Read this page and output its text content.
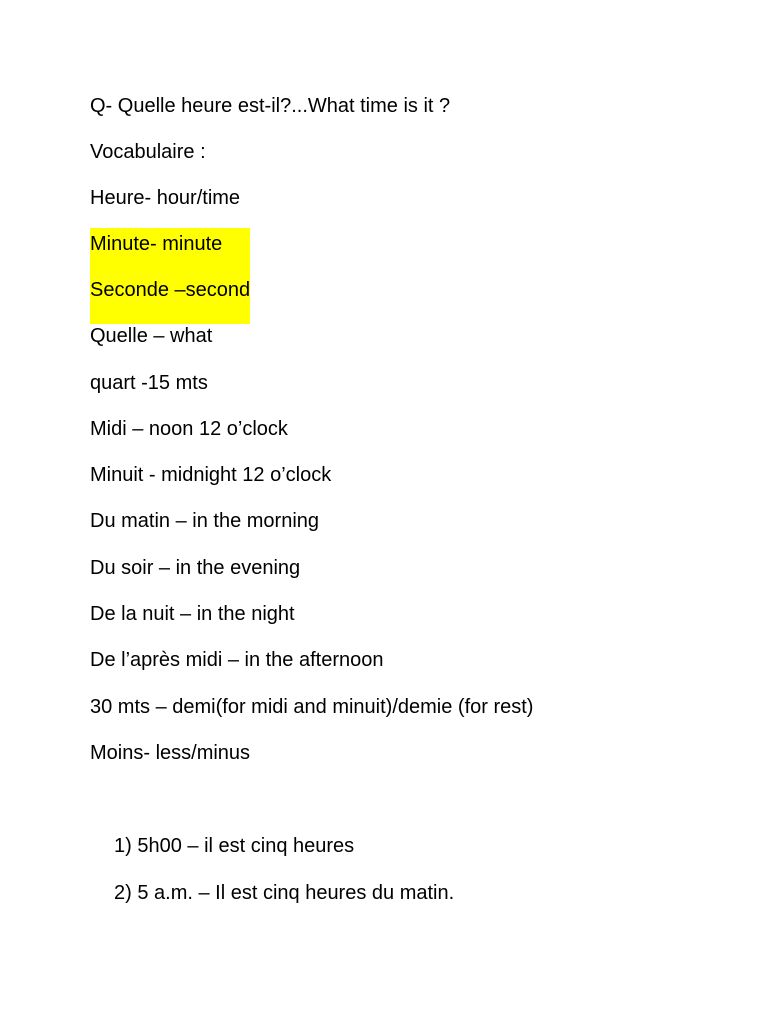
Q- Quelle heure est-il?...What time is it ?

Vocabulaire :

Heure- hour/time

Minute- minute

Seconde –second

Quelle – what

quart -15 mts

Midi – noon 12 o’clock

Minuit - midnight 12 o’clock

Du matin – in the morning

Du soir – in the evening

De la nuit – in the night

De l’après midi – in the afternoon

30 mts – demi(for midi and minuit)/demie (for rest)

Moins- less/minus

1) 5h00 – il est cinq heures

2) 5 a.m. – Il est cinq heures du matin.
